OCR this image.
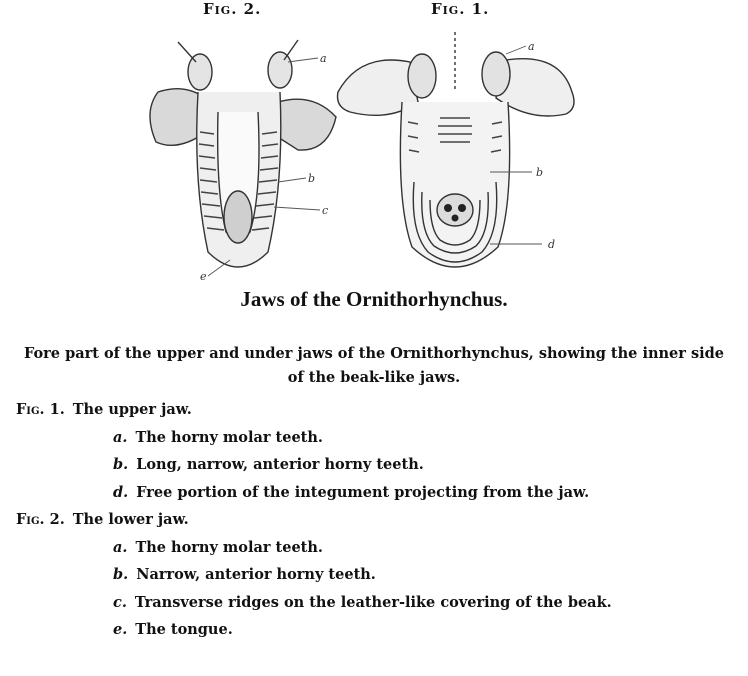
Fig. 2.	Fig. 1.
a
b
c
e
a
b
d
Jaws of the Ornithorhynchus.
Fore part of the upper and under jaws of the Ornithorhynchus, showing the inner side of the beak-like jaws.
Fig. 1. The upper jaw.
a. The horny molar teeth.
b. Long, narrow, anterior horny teeth.
d. Free portion of the integument projecting from the jaw.
Fig. 2. The lower jaw.
a. The horny molar teeth.
b. Narrow, anterior horny teeth.
c. Transverse ridges on the leather-like covering of the beak.
e. The tongue.
